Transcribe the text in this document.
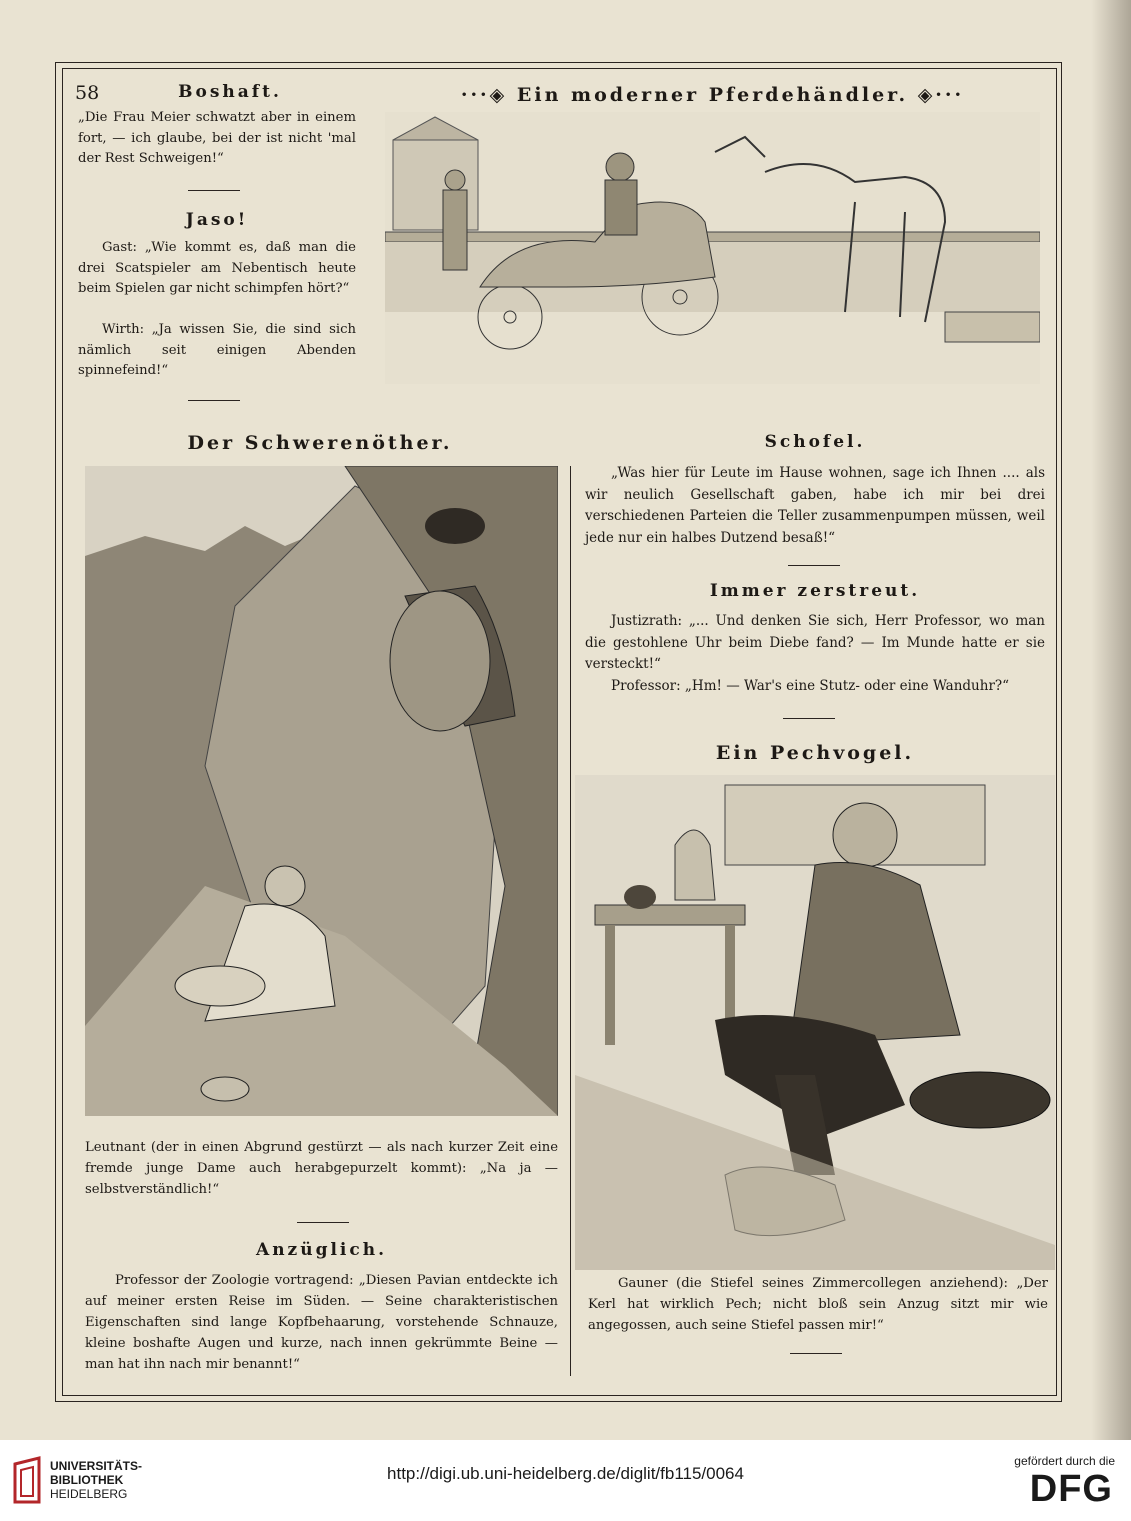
58	Boshaft.
„Die Frau Meier schwatzt aber in einem fort, — ich glaube, bei der ist nicht 'mal der Rest Schweigen!“
Jaso!
Gast: „Wie kommt es, daß man die drei Scatspieler am Nebentisch heute beim Spielen gar nicht schimpfen hört?“
Wirth: „Ja wissen Sie, die sind sich nämlich seit einigen Abenden spinnefeind!“
···◈ Ein moderner Pferdehändler. ◈···
Der Schwerenöther.
Leutnant (der in einen Abgrund gestürzt — als nach kurzer Zeit eine fremde junge Dame auch herabgepurzelt kommt): „Na ja — selbstverständlich!“
Anzüglich.
Professor der Zoologie vortragend: „Diesen Pavian entdeckte ich auf meiner ersten Reise im Süden. — Seine charakteristischen Eigenschaften sind lange Kopfbehaarung, vorstehende Schnauze, kleine boshafte Augen und kurze, nach innen gekrümmte Beine — man hat ihn nach mir benannt!“
Schofel.
„Was hier für Leute im Hause wohnen, sage ich Ihnen .... als wir neulich Gesellschaft gaben, habe ich mir bei drei verschiedenen Parteien die Teller zusammenpumpen müssen, weil jede nur ein halbes Dutzend besaß!“
Immer zerstreut.
Justizrath: „... Und denken Sie sich, Herr Professor, wo man die gestohlene Uhr beim Diebe fand? — Im Munde hatte er sie versteckt!“
Professor: „Hm! — War's eine Stutz- oder eine Wanduhr?“
Ein Pechvogel.
Gauner (die Stiefel seines Zimmercollegen anziehend): „Der Kerl hat wirklich Pech; nicht bloß sein Anzug sitzt mir wie angegossen, auch seine Stiefel passen mir!“
UNIVERSITÄTS-
BIBLIOTHEK
HEIDELBERG
http://digi.ub.uni-heidelberg.de/diglit/fb115/0064
gefördert durch die
DFG
